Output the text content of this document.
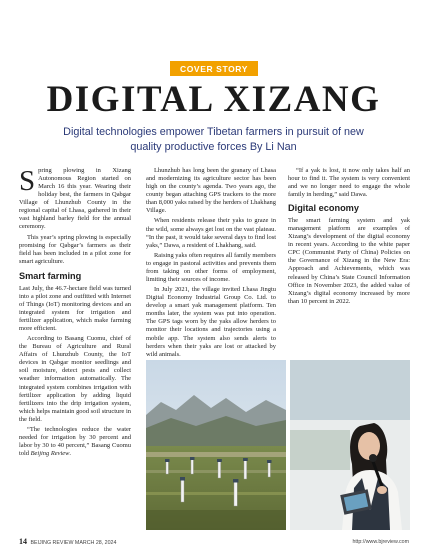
COVER STORY
DIGITAL XIZANG
Digital technologies empower Tibetan farmers in pursuit of new quality productive forces By Li Nan

Spring plowing in Xizang Autonomous Region started on March 16 this year. Wearing their holiday best, the farmers in Qabgar Village of Lhunzhub County in the regional capital of Lhasa, gathered in their vast highland barley field for the annual ceremony.

This year’s spring plowing is especially promising for Qabgar’s farmers as their field has been included in a pilot zone for smart agriculture.

Smart farming

Last July, the 46.7-hectare field was turned into a pilot zone and outfitted with Internet of Things (IoT) monitoring devices and an integrated system for irrigation and fertilizer application, which make farming more efficient.

According to Basang Cuomu, chief of the Bureau of Agriculture and Rural Affairs of Lhunzhub County, the IoT devices in Qabgar monitor seedlings and soil moisture, detect pests and collect weather information automatically. The integrated system combines irrigation with fertilizer application by adding liquid fertilizers into the drip irrigation system, which helps maintain good soil structure in the field.

“The technologies reduce the water needed for irrigation by 30 percent and labor by 30 to 40 percent,” Basang Cuomu told Beijing Review.

Lhunzhub has long been the granary of Lhasa and modernizing its agriculture sector has been high on the county’s agenda. Two years ago, the county began attaching GPS trackers to the more than 8,000 yaks raised by the herders of Lhakhang Village.

When residents release their yaks to graze in the wild, some always get lost on the vast plateau. “In the past, it would take several days to find lost yaks,” Dawa, a resident of Lhakhang, said.

Raising yaks often requires all family members to engage in pastoral activities and prevents them from taking on other forms of employment, limiting their sources of income.

In July 2021, the village invited Lhasa Jingtu Digital Economy Industrial Group Co. Ltd. to develop a smart yak management platform. Ten months later, the system was put into operation. The GPS tags worn by the yaks allow herders to monitor their locations and trajectories using a mobile app. The system also sends alerts to herders when their yaks are lost or attacked by wild animals.

“If a yak is lost, it now only takes half an hour to find it. The system is very convenient and we no longer need to engage the whole family in herding,” said Dawa.

Digital economy

The smart farming system and yak management platform are examples of Xizang’s development of the digital economy in recent years. According to the white paper CPC (Communist Party of China) Policies on the Governance of Xizang in the New Era: Approach and Achievements, which was released by China’s State Council Information Office in November 2023, the added value of Xizang’s digital economy increased by more than 10 percent in 2022.

14 BEIJING REVIEW MARCH 28, 2024	http://www.bjreview.com
